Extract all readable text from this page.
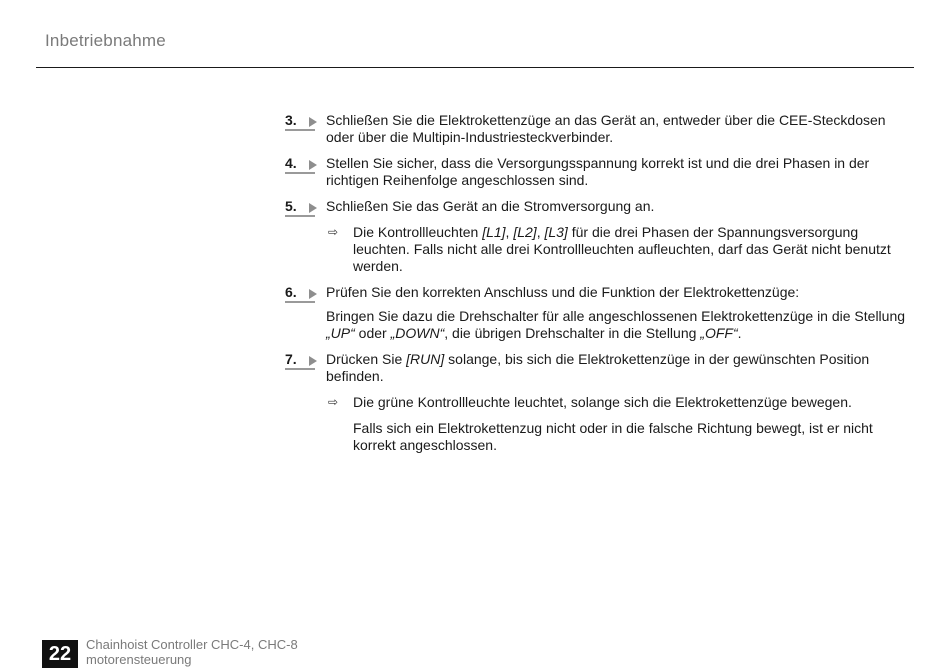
Inbetriebnahme
3. Schließen Sie die Elektrokettenzüge an das Gerät an, entweder über die CEE-Steckdosen oder über die Multipin-Industriesteckverbinder.
4. Stellen Sie sicher, dass die Versorgungsspannung korrekt ist und die drei Phasen in der richtigen Reihenfolge angeschlossen sind.
5. Schließen Sie das Gerät an die Stromversorgung an.
⇨ Die Kontrollleuchten [L1], [L2], [L3] für die drei Phasen der Spannungsversorgung leuchten. Falls nicht alle drei Kontrollleuchten aufleuchten, darf das Gerät nicht benutzt werden.
6. Prüfen Sie den korrekten Anschluss und die Funktion der Elektrokettenzüge:
Bringen Sie dazu die Drehschalter für alle angeschlossenen Elektrokettenzüge in die Stellung „UP“ oder „DOWN“, die übrigen Drehschalter in die Stellung „OFF“.
7. Drücken Sie [RUN] solange, bis sich die Elektrokettenzüge in der gewünschten Position befinden.
⇨ Die grüne Kontrollleuchte leuchtet, solange sich die Elektrokettenzüge bewegen.
Falls sich ein Elektrokettenzug nicht oder in die falsche Richtung bewegt, ist er nicht korrekt angeschlossen.
22	Chainhoist Controller CHC-4, CHC-8
motorensteuerung
